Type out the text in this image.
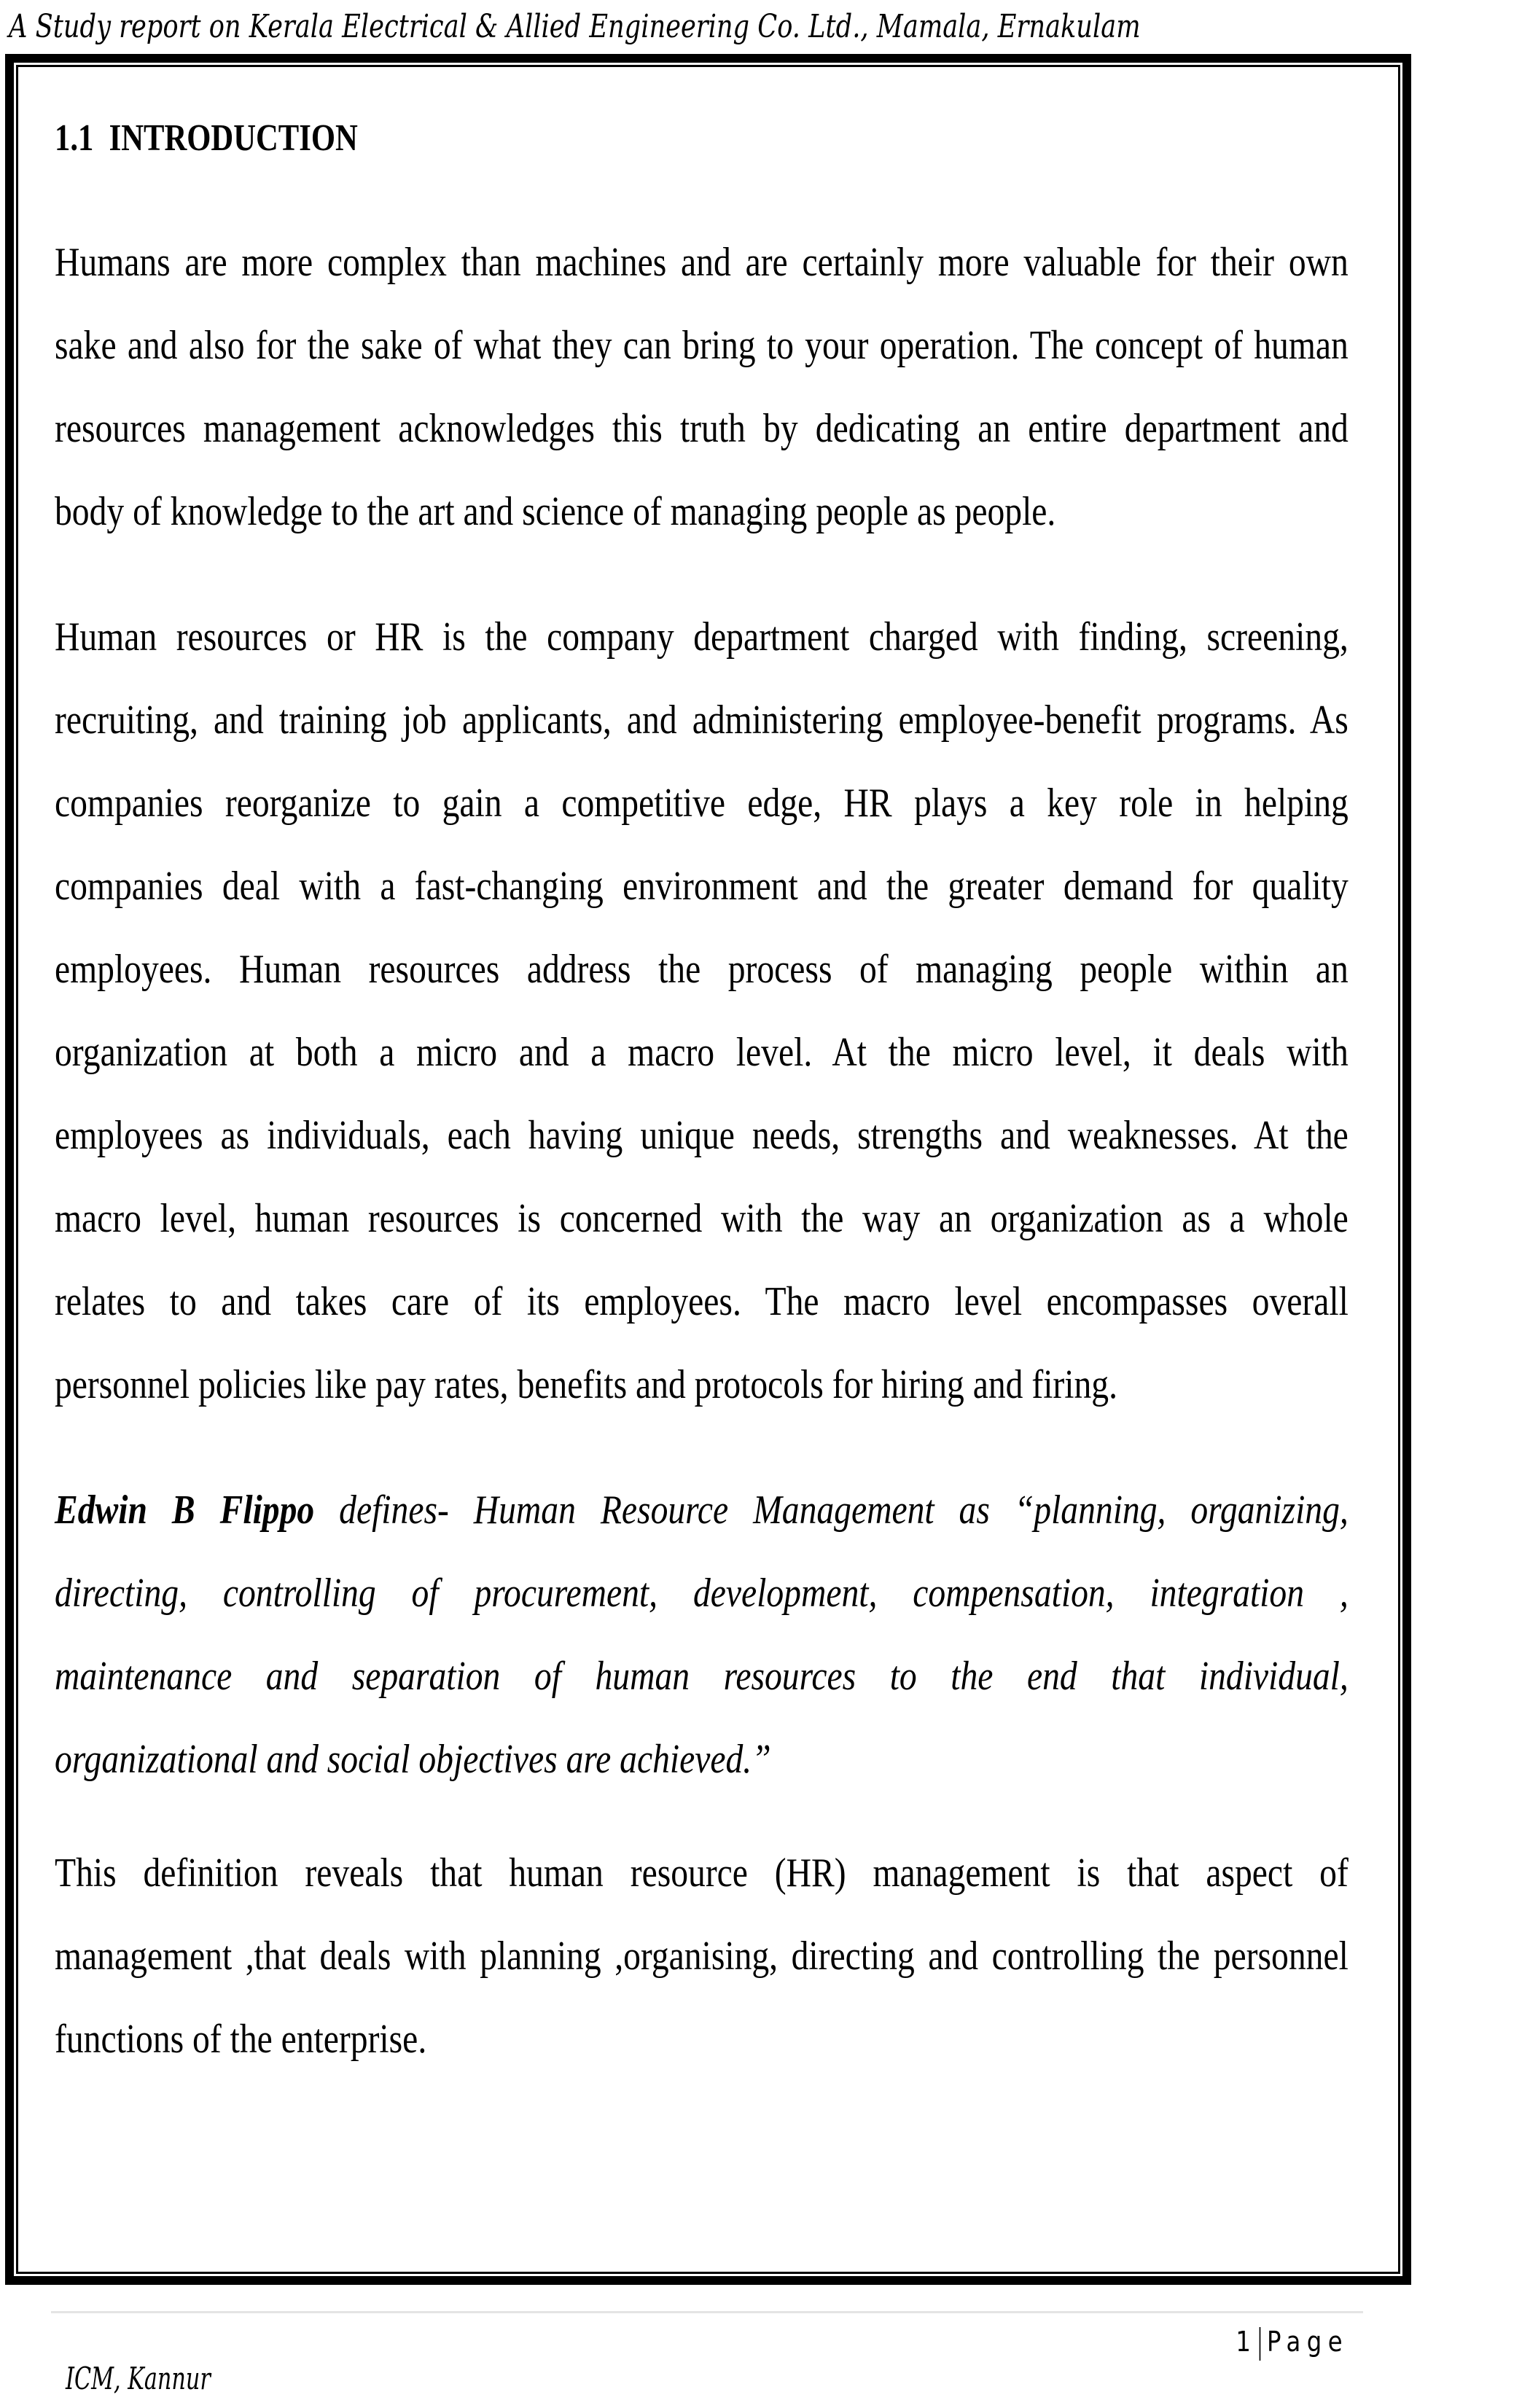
A Study report on Kerala Electrical & Allied Engineering Co. Ltd., Mamala, Ernakulam
1.1 INTRODUCTION
Humans are more complex than machines and are certainly more valuable for their own
sake and also for the sake of what they can bring to your operation. The concept of human
resources management acknowledges this truth by dedicating an entire department and
body of knowledge to the art and science of managing people as people.
Human resources or HR is the company department charged with finding, screening,
recruiting, and training job applicants, and administering employee-benefit programs. As
companies reorganize to gain a competitive edge, HR plays a key role in helping
companies deal with a fast-changing environment and the greater demand for quality
employees. Human resources address the process of managing people within an
organization at both a micro and a macro level. At the micro level, it deals with
employees as individuals, each having unique needs, strengths and weaknesses. At the
macro level, human resources is concerned with the way an organization as a whole
relates to and takes care of its employees. The macro level encompasses overall
personnel policies like pay rates, benefits and protocols for hiring and firing.
Edwin B Flippo defines- Human Resource Management as “planning, organizing,
directing, controlling of procurement, development, compensation, integration ,
maintenance and separation of human resources to the end that individual,
organizational and social objectives are achieved.”
This definition reveals that human resource (HR) management is that aspect of
management ,that deals with planning ,organising, directing and controlling the personnel
functions of the enterprise.
1 Page
ICM, Kannur
